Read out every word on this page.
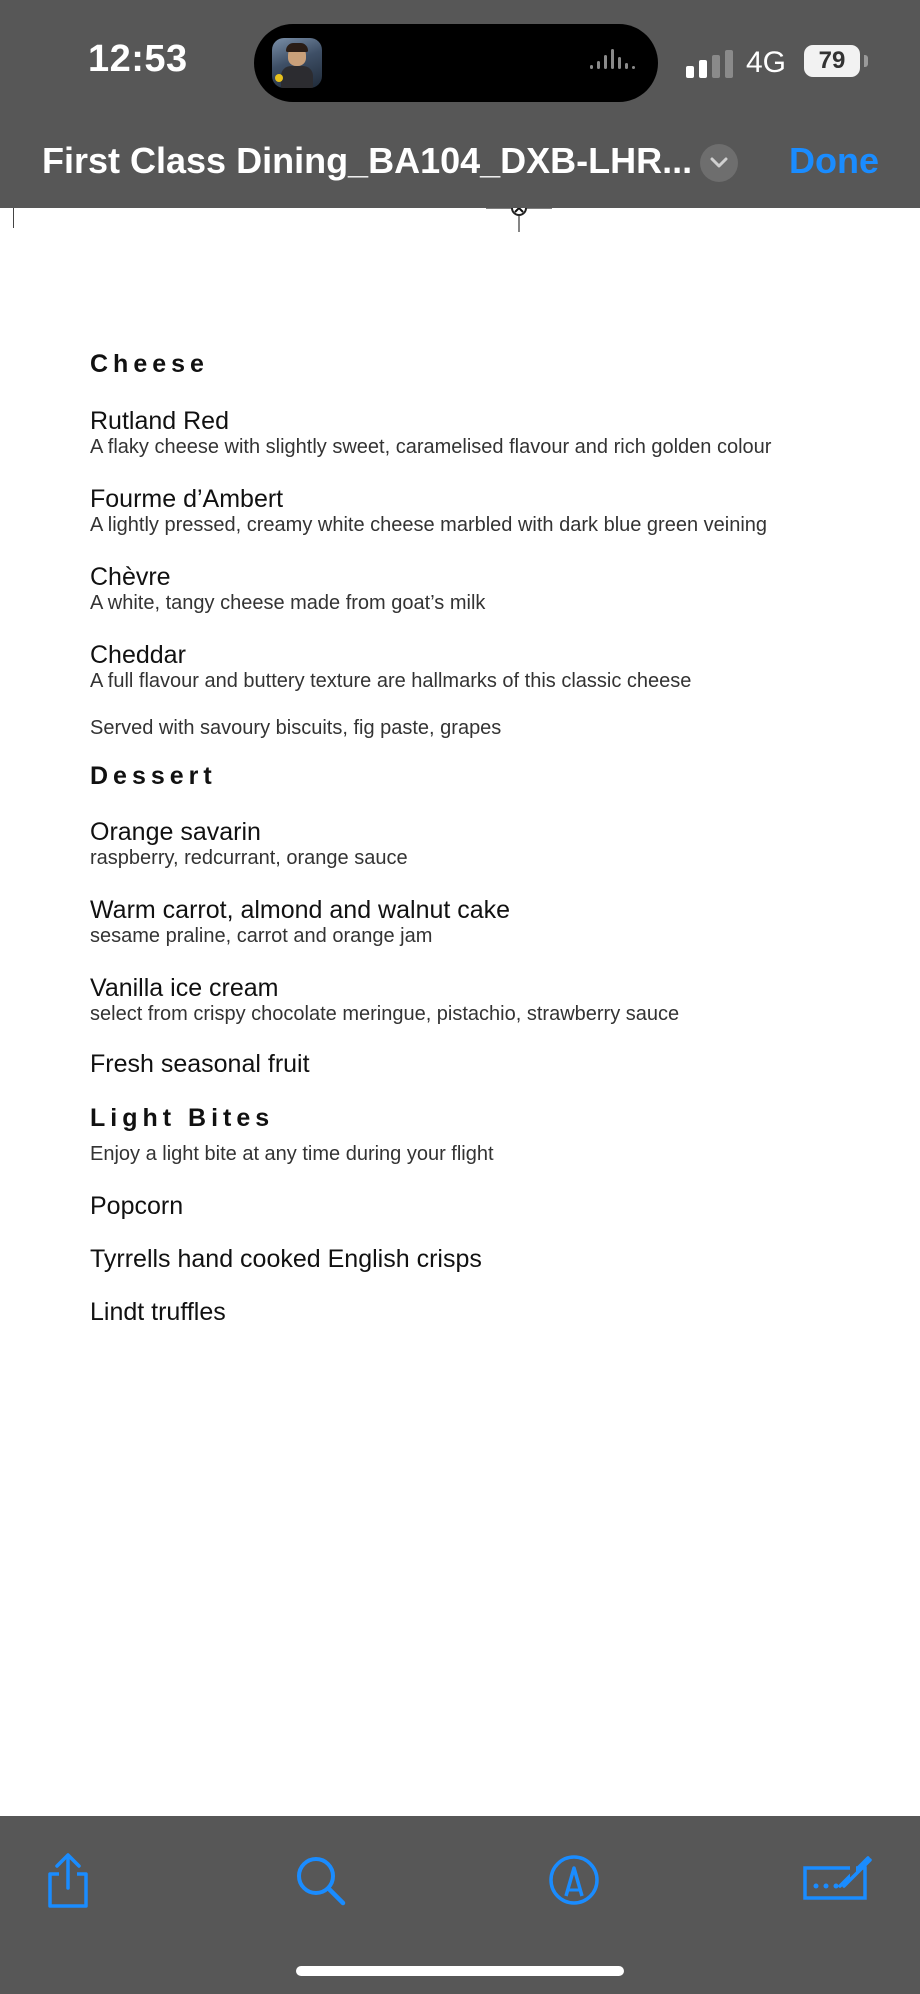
12:53	4G	79
First Class Dining_BA104_DXB-LHR...	Done
Cheese
Rutland Red
A flaky cheese with slightly sweet, caramelised flavour and rich golden colour
Fourme d’Ambert
A lightly pressed, creamy white cheese marbled with dark blue green veining
Chèvre
A white, tangy cheese made from goat’s milk
Cheddar
A full flavour and buttery texture are hallmarks of this classic cheese
Served with savoury biscuits, fig paste, grapes
Dessert
Orange savarin
raspberry, redcurrant, orange sauce
Warm carrot, almond and walnut cake
sesame praline, carrot and orange jam
Vanilla ice cream
select from crispy chocolate meringue, pistachio, strawberry sauce
Fresh seasonal fruit
Light Bites
Enjoy a light bite at any time during your flight
Popcorn
Tyrrells hand cooked English crisps
Lindt truffles
